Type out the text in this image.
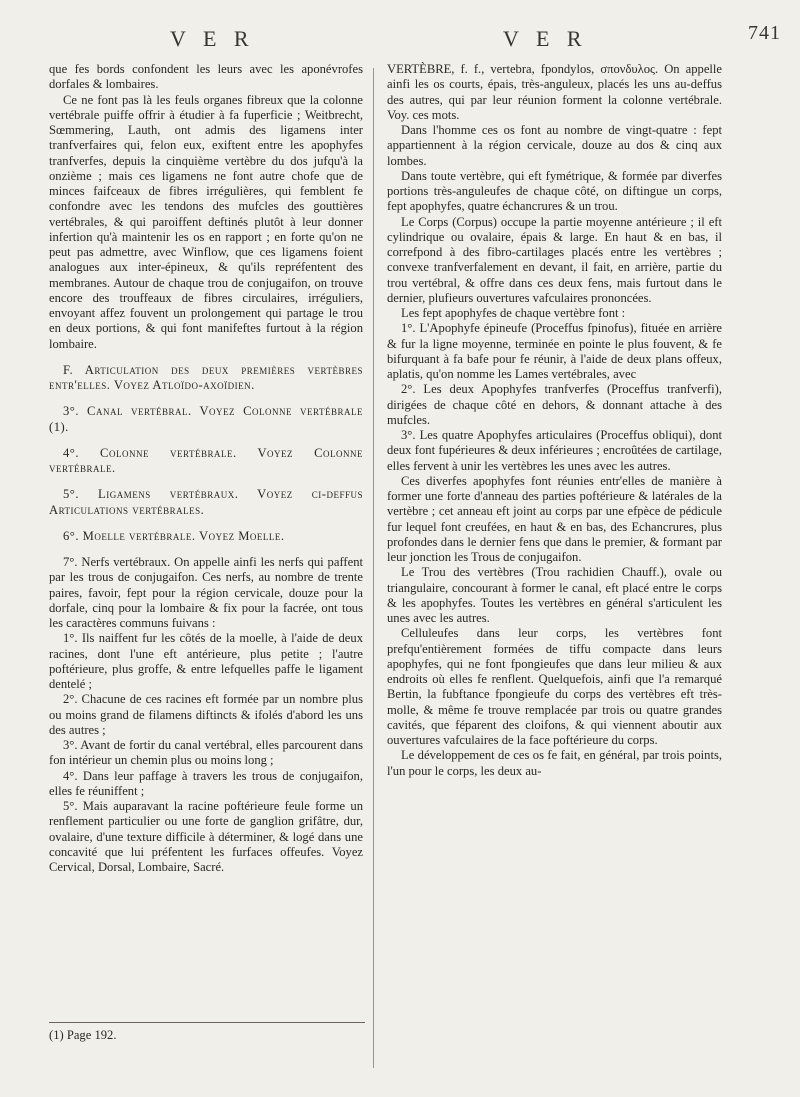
V E R	V E R	741

que fes bords confondent les leurs avec les aponévrofes dorfales & lombaires.

Ce ne font pas là les feuls organes fibreux que la colonne vertébrale puiffe offrir à étudier à fa fuperficie ; Weitbrecht, Sœmmering, Lauth, ont admis des ligamens inter tranfverfaires qui, felon eux, exiftent entre les apophyfes tranfverfes, depuis la cinquième vertèbre du dos jufqu'à la onzième ; mais ces ligamens ne font autre chofe que de minces faifceaux de fibres irrégulières, qui femblent fe confondre avec les tendons des mufcles des gouttières vertébrales, & qui paroiffent deftinés plutôt à leur donner infertion qu'à maintenir les os en rapport ; en forte qu'on ne peut pas admettre, avec Winflow, que ces ligamens foient analogues aux inter-épineux, & qu'ils repréfentent des membranes. Autour de chaque trou de conjugaifon, on trouve encore des trouffeaux de fibres circulaires, irréguliers, envoyant affez fouvent un prolongement qui partage le trou en deux portions, & qui font manifeftes furtout à la région lombaire.

F. Articulation des deux premières vertèbres entr'elles. Voyez Atloïdo-axoïdien.

3°. Canal vertébral. Voyez Colonne vertébrale (1).

4°. Colonne vertébrale. Voyez Colonne vertébrale.

5°. Ligamens vertébraux. Voyez ci-deffus Articulations vertébrales.

6°. Moelle vertébrale. Voyez Moelle.

7°. Nerfs vertébraux. On appelle ainfi les nerfs qui paffent par les trous de conjugaifon. Ces nerfs, au nombre de trente paires, favoir, fept pour la région cervicale, douze pour la dorfale, cinq pour la lombaire & fix pour la facrée, ont tous les caractères communs fuivans :

1°. Ils naiffent fur les côtés de la moelle, à l'aide de deux racines, dont l'une eft antérieure, plus petite ; l'autre poftérieure, plus groffe, & entre lefquelles paffe le ligament dentelé ;

2°. Chacune de ces racines eft formée par un nombre plus ou moins grand de filamens diftincts & ifolés d'abord les uns des autres ;

3°. Avant de fortir du canal vertébral, elles parcourent dans fon intérieur un chemin plus ou moins long ;

4°. Dans leur paffage à travers les trous de conjugaifon, elles fe réuniffent ;

5°. Mais auparavant la racine poftérieure feule forme un renflement particulier ou une forte de ganglion grifâtre, dur, ovalaire, d'une texture difficile à déterminer, & logé dans une concavité que lui préfentent les furfaces offeufes. Voyez Cervical, Dorsal, Lombaire, Sacré.

VERTÈBRE, f. f., vertebra, fpondylos, σπονδυλος. On appelle ainfi les os courts, épais, très-anguleux, placés les uns au-deffus des autres, qui par leur réunion forment la colonne vertébrale. Voy. ces mots.

Dans l'homme ces os font au nombre de vingt-quatre : fept appartiennent à la région cervicale, douze au dos & cinq aux lombes.

Dans toute vertèbre, qui eft fymétrique, & formée par diverfes portions très-anguleufes de chaque côté, on diftingue un corps, fept apophyfes, quatre échancrures & un trou.

Le Corps (Corpus) occupe la partie moyenne antérieure ; il eft cylindrique ou ovalaire, épais & large. En haut & en bas, il correfpond à des fibro-cartilages placés entre les vertèbres ; convexe tranfverfalement en devant, il fait, en arrière, partie du trou vertébral, & offre dans ces deux fens, mais furtout dans le dernier, plufieurs ouvertures vafculaires prononcées.

Les fept apophyfes de chaque vertèbre font :

1°. L'Apophyfe épineufe (Proceffus fpinofus), fituée en arrière & fur la ligne moyenne, terminée en pointe le plus fouvent, & fe bifurquant à fa bafe pour fe réunir, à l'aide de deux plans offeux, aplatis, qu'on nomme les Lames vertébrales, avec

2°. Les deux Apophyfes tranfverfes (Proceffus tranfverfi), dirigées de chaque côté en dehors, & donnant attache à des mufcles.

3°. Les quatre Apophyfes articulaires (Proceffus obliqui), dont deux font fupérieures & deux inférieures ; encroûtées de cartilage, elles fervent à unir les vertèbres les unes avec les autres.

Ces diverfes apophyfes font réunies entr'elles de manière à former une forte d'anneau des parties poftérieure & latérales de la vertèbre ; cet anneau eft joint au corps par une efpèce de pédicule fur lequel font creufées, en haut & en bas, des Echancrures, plus profondes dans le dernier fens que dans le premier, & formant par leur jonction les Trous de conjugaifon.

Le Trou des vertèbres (Trou rachidien Chauff.), ovale ou triangulaire, concourant à former le canal, eft placé entre le corps & les apophyfes. Toutes les vertèbres en général s'articulent les unes avec les autres.

Celluleufes dans leur corps, les vertèbres font prefqu'entièrement formées de tiffu compacte dans leurs apophyfes, qui ne font fpongieufes que dans leur milieu & aux endroits où elles fe renflent. Quelquefois, ainfi que l'a remarqué Bertin, la fubftance fpongieufe du corps des vertèbres eft très-molle, & même fe trouve remplacée par trois ou quatre grandes cavités, que féparent des cloifons, & qui viennent aboutir aux ouvertures vafculaires de la face poftérieure du corps.

Le développement de ces os fe fait, en général, par trois points, l'un pour le corps, les deux au-

(1) Page 192.
